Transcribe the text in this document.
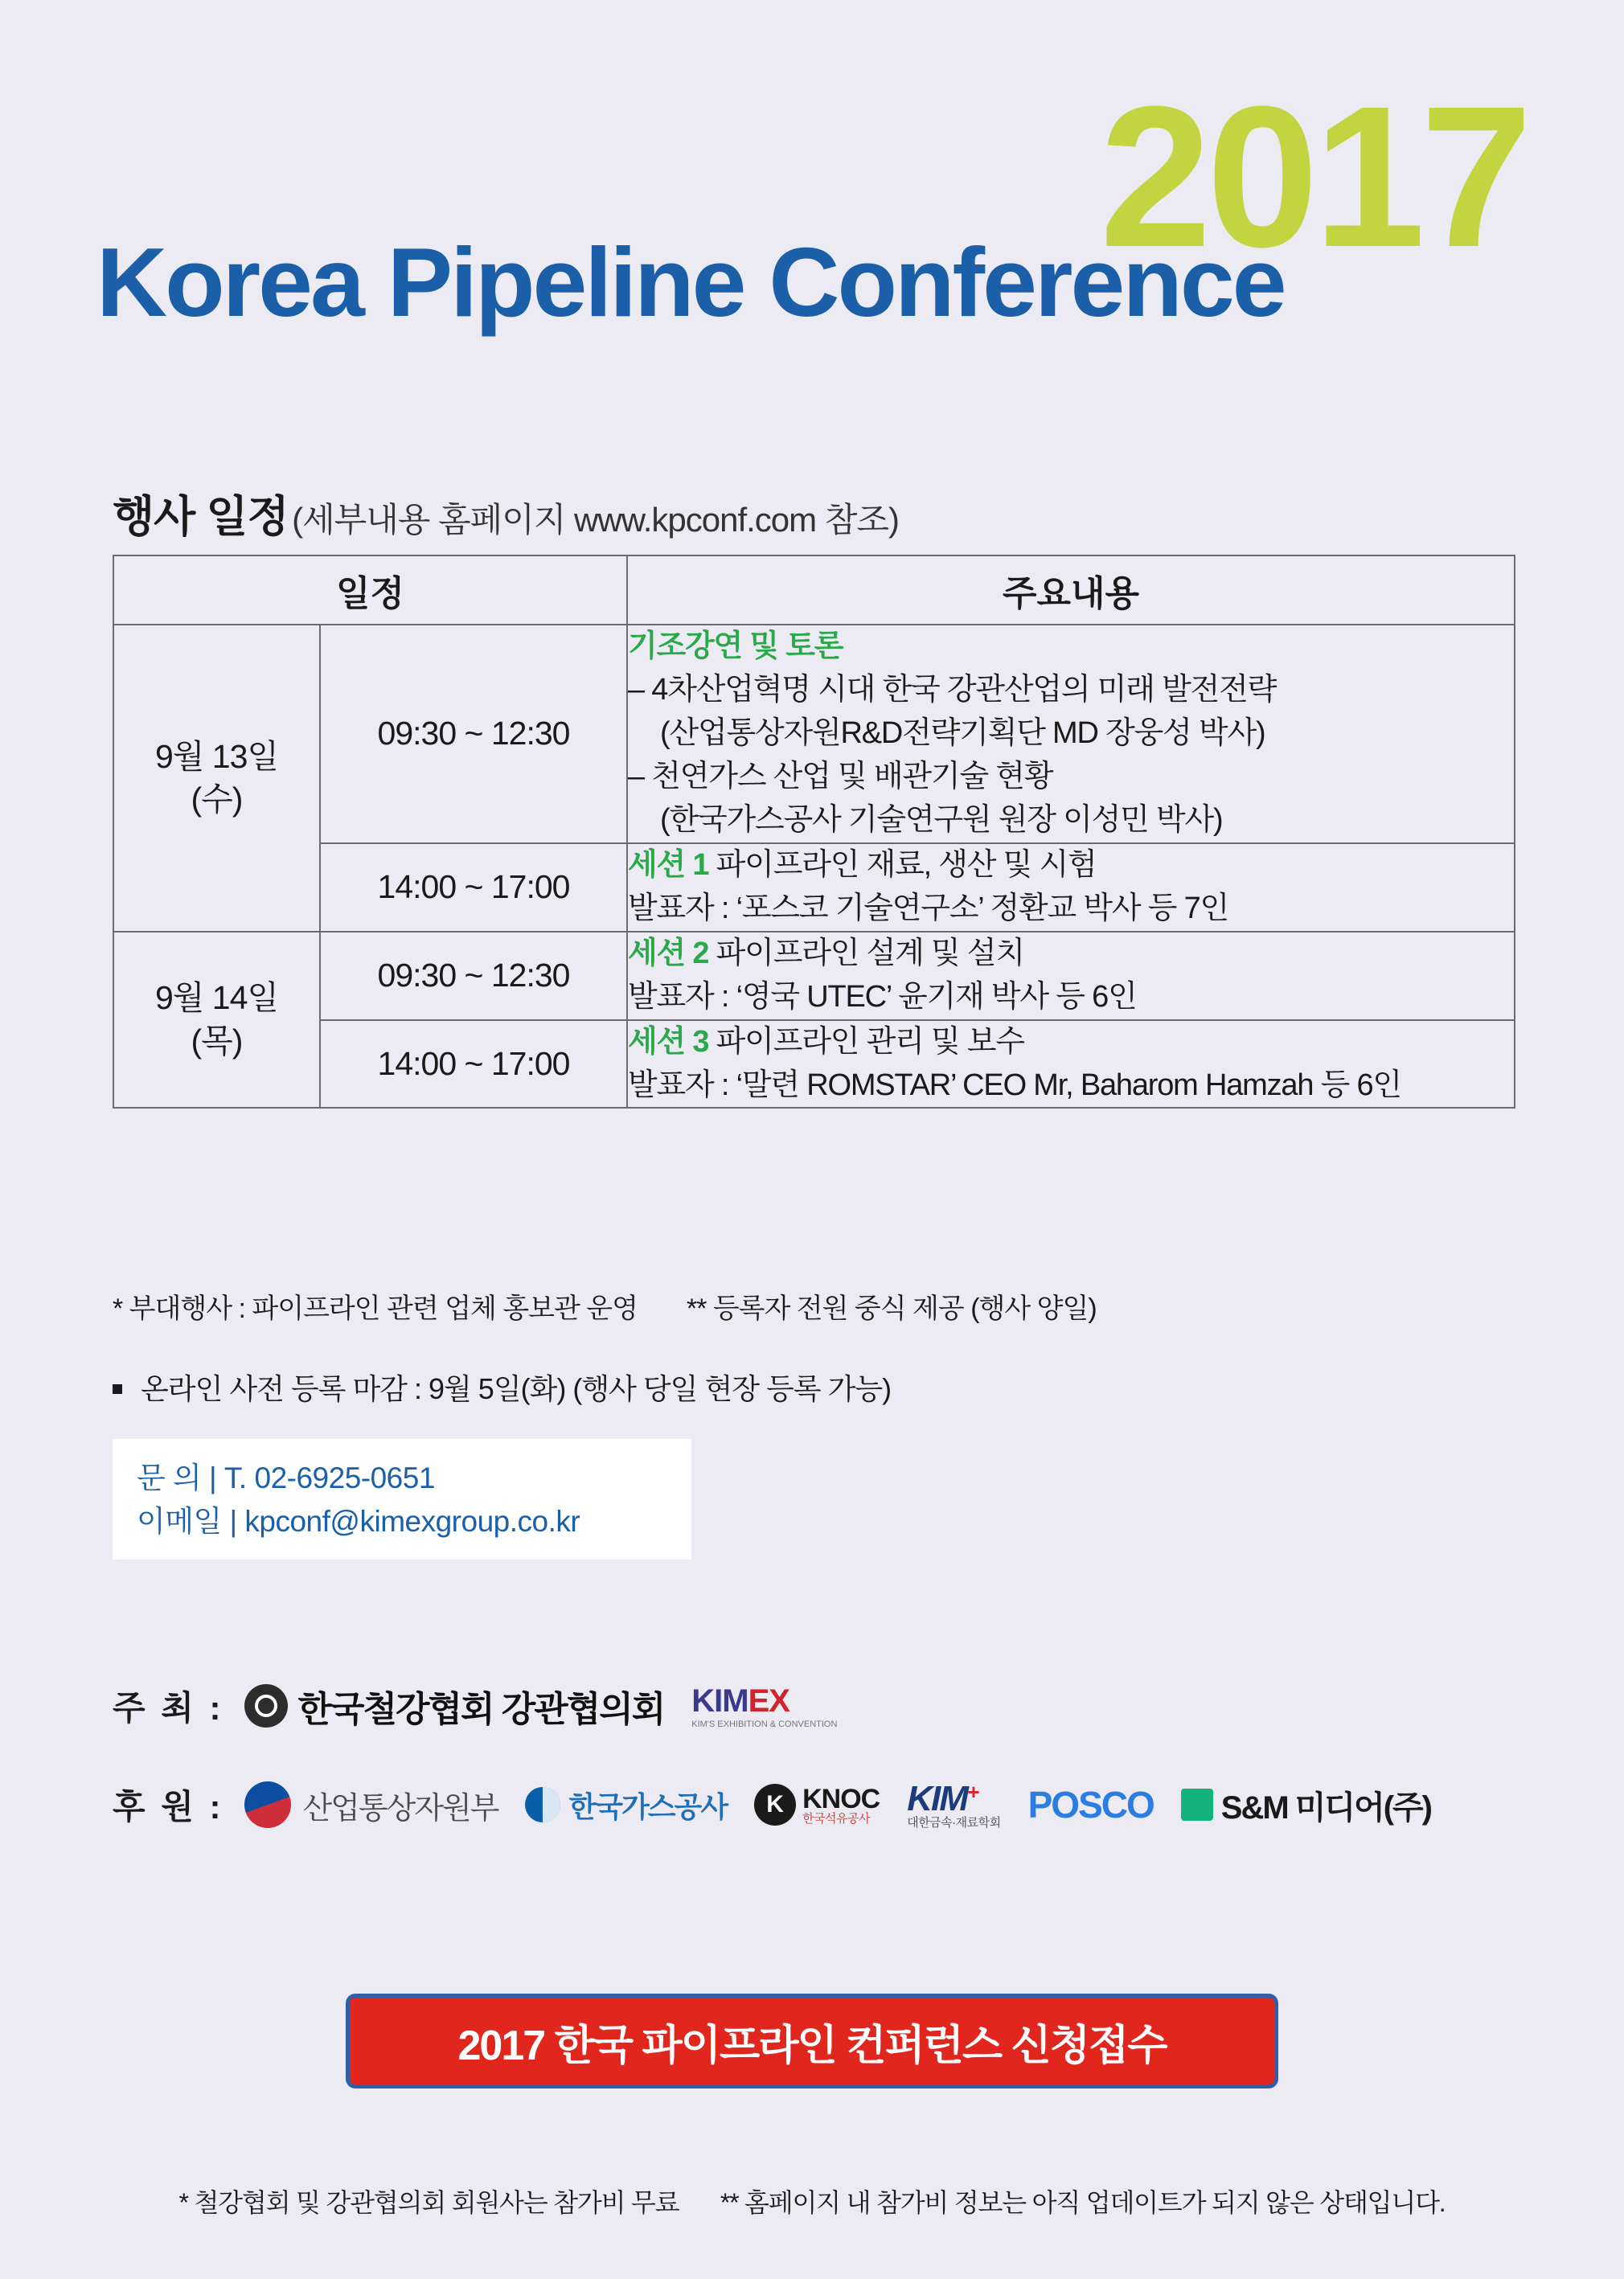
2017
Korea Pipeline Conference
행사 일정 (세부내용 홈페이지 www.kpconf.com 참조)
일정		주요내용

9월 13일
(수)	09:30 ~ 12:30	기조강연 및 토론
– 4차산업혁명 시대 한국 강관산업의 미래 발전전략
(산업통상자원R&D전략기획단 MD 장웅성 박사)
– 천연가스 산업 및 배관기술 현황
(한국가스공사 기술연구원 원장 이성민 박사)

	14:00 ~ 17:00	세션 1 파이프라인 재료, 생산 및 시험
발표자 : ‘포스코 기술연구소’ 정환교 박사 등 7인

9월 14일
(목)	09:30 ~ 12:30	세션 2 파이프라인 설계 및 설치
발표자 : ‘영국 UTEC’ 윤기재 박사 등 6인

	14:00 ~ 17:00	세션 3 파이프라인 관리 및 보수
발표자 : ‘말련 ROMSTAR’ CEO Mr, Baharom Hamzah 등 6인
* 부대행사 : 파이프라인 관련 업체 홍보관 운영 ** 등록자 전원 중식 제공 (행사 양일)
온라인 사전 등록 마감 : 9월 5일(화) (행사 당일 현장 등록 가능)
문 의 | T. 02-6925-0651
이메일 | kpconf@kimexgroup.co.kr
주 최 : 한국철강협회 강관협의회 KIMEX
KIM'S EXHIBITION & CONVENTION
후 원 :	산업통상자원부 한국가스공사	K KNOC
한국석유공사
KIM+
대한금속·재료학회 POSCO S&M 미디어(주)
2017 한국 파이프라인 컨퍼런스 신청접수
* 철강협회 및 강관협의회 회원사는 참가비 무료 ** 홈페이지 내 참가비 정보는 아직 업데이트가 되지 않은 상태입니다.
